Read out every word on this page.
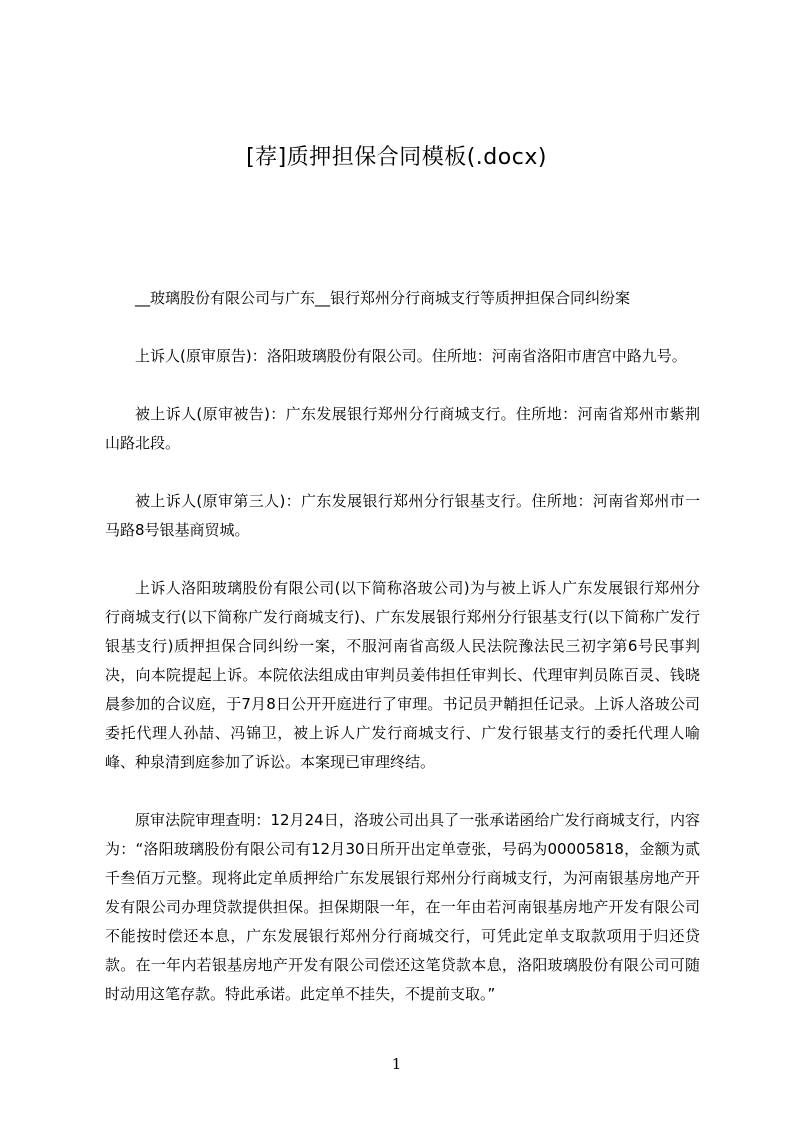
[荐]质押担保合同模板(.docx)

__玻璃股份有限公司与广东__银行郑州分行商城支行等质押担保合同纠纷案

上诉人(原审原告)：洛阳玻璃股份有限公司。住所地：河南省洛阳市唐宫中路九号。

被上诉人(原审被告)：广东发展银行郑州分行商城支行。住所地：河南省郑州市紫荆山路北段。

被上诉人(原审第三人)：广东发展银行郑州分行银基支行。住所地：河南省郑州市一马路8号银基商贸城。

上诉人洛阳玻璃股份有限公司(以下简称洛玻公司)为与被上诉人广东发展银行郑州分行商城支行(以下简称广发行商城支行)、广东发展银行郑州分行银基支行(以下简称广发行银基支行)质押担保合同纠纷一案，不服河南省高级人民法院豫法民三初字第6号民事判决，向本院提起上诉。本院依法组成由审判员姜伟担任审判长、代理审判员陈百灵、钱晓晨参加的合议庭，于7月8日公开开庭进行了审理。书记员尹韒担任记录。上诉人洛玻公司委托代理人孙喆、冯锦卫，被上诉人广发行商城支行、广发行银基支行的委托代理人喻峰、种泉清到庭参加了诉讼。本案现已审理终结。

原审法院审理查明：12月24日，洛玻公司出具了一张承诺函给广发行商城支行，内容为：“洛阳玻璃股份有限公司有12月30日所开出定单壹张，号码为00005818，金额为贰千叁佰万元整。现将此定单质押给广东发展银行郑州分行商城支行，为河南银基房地产开发有限公司办理贷款提供担保。担保期限一年，在一年由若河南银基房地产开发有限公司不能按时偿还本息，广东发展银行郑州分行商城交行，可凭此定单支取款项用于归还贷款。在一年内若银基房地产开发有限公司偿还这笔贷款本息，洛阳玻璃股份有限公司可随时动用这笔存款。特此承诺。此定单不挂失，不提前支取。”

1
